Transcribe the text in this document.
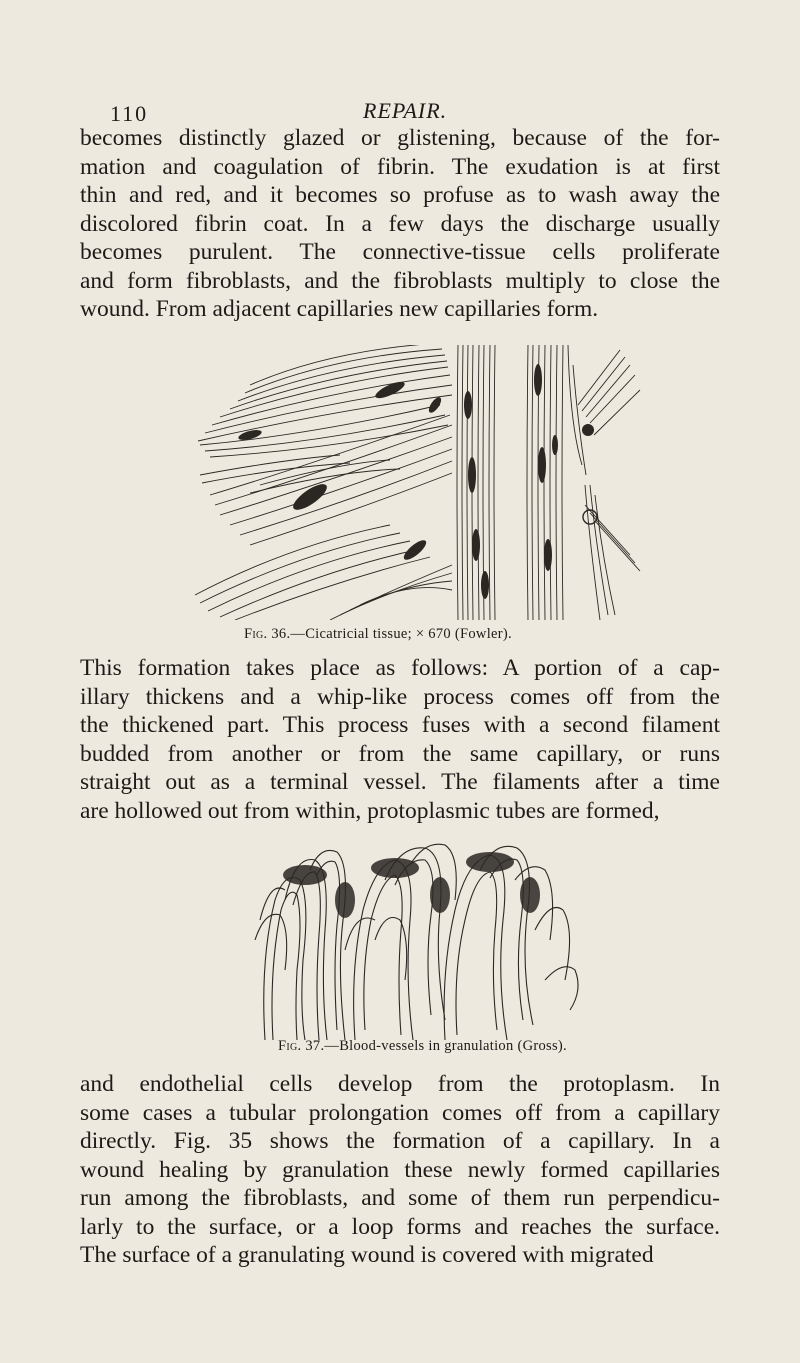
110	REPAIR.
becomes distinctly glazed or glistening, because of the for-
mation and coagulation of fibrin. The exudation is at first
thin and red, and it becomes so profuse as to wash away the
discolored fibrin coat. In a few days the discharge usually
becomes purulent. The connective-tissue cells proliferate
and form fibroblasts, and the fibroblasts multiply to close the
wound. From adjacent capillaries new capillaries form.
Fig. 36.—Cicatricial tissue; × 670 (Fowler).
This formation takes place as follows: A portion of a cap-
illary thickens and a whip-like process comes off from the
the thickened part. This process fuses with a second filament
budded from another or from the same capillary, or runs
straight out as a terminal vessel. The filaments after a time
are hollowed out from within, protoplasmic tubes are formed,
Fig. 37.—Blood-vessels in granulation (Gross).
and endothelial cells develop from the protoplasm. In
some cases a tubular prolongation comes off from a capillary
directly. Fig. 35 shows the formation of a capillary. In a
wound healing by granulation these newly formed capillaries
run among the fibroblasts, and some of them run perpendicu-
larly to the surface, or a loop forms and reaches the surface.
The surface of a granulating wound is covered with migrated
